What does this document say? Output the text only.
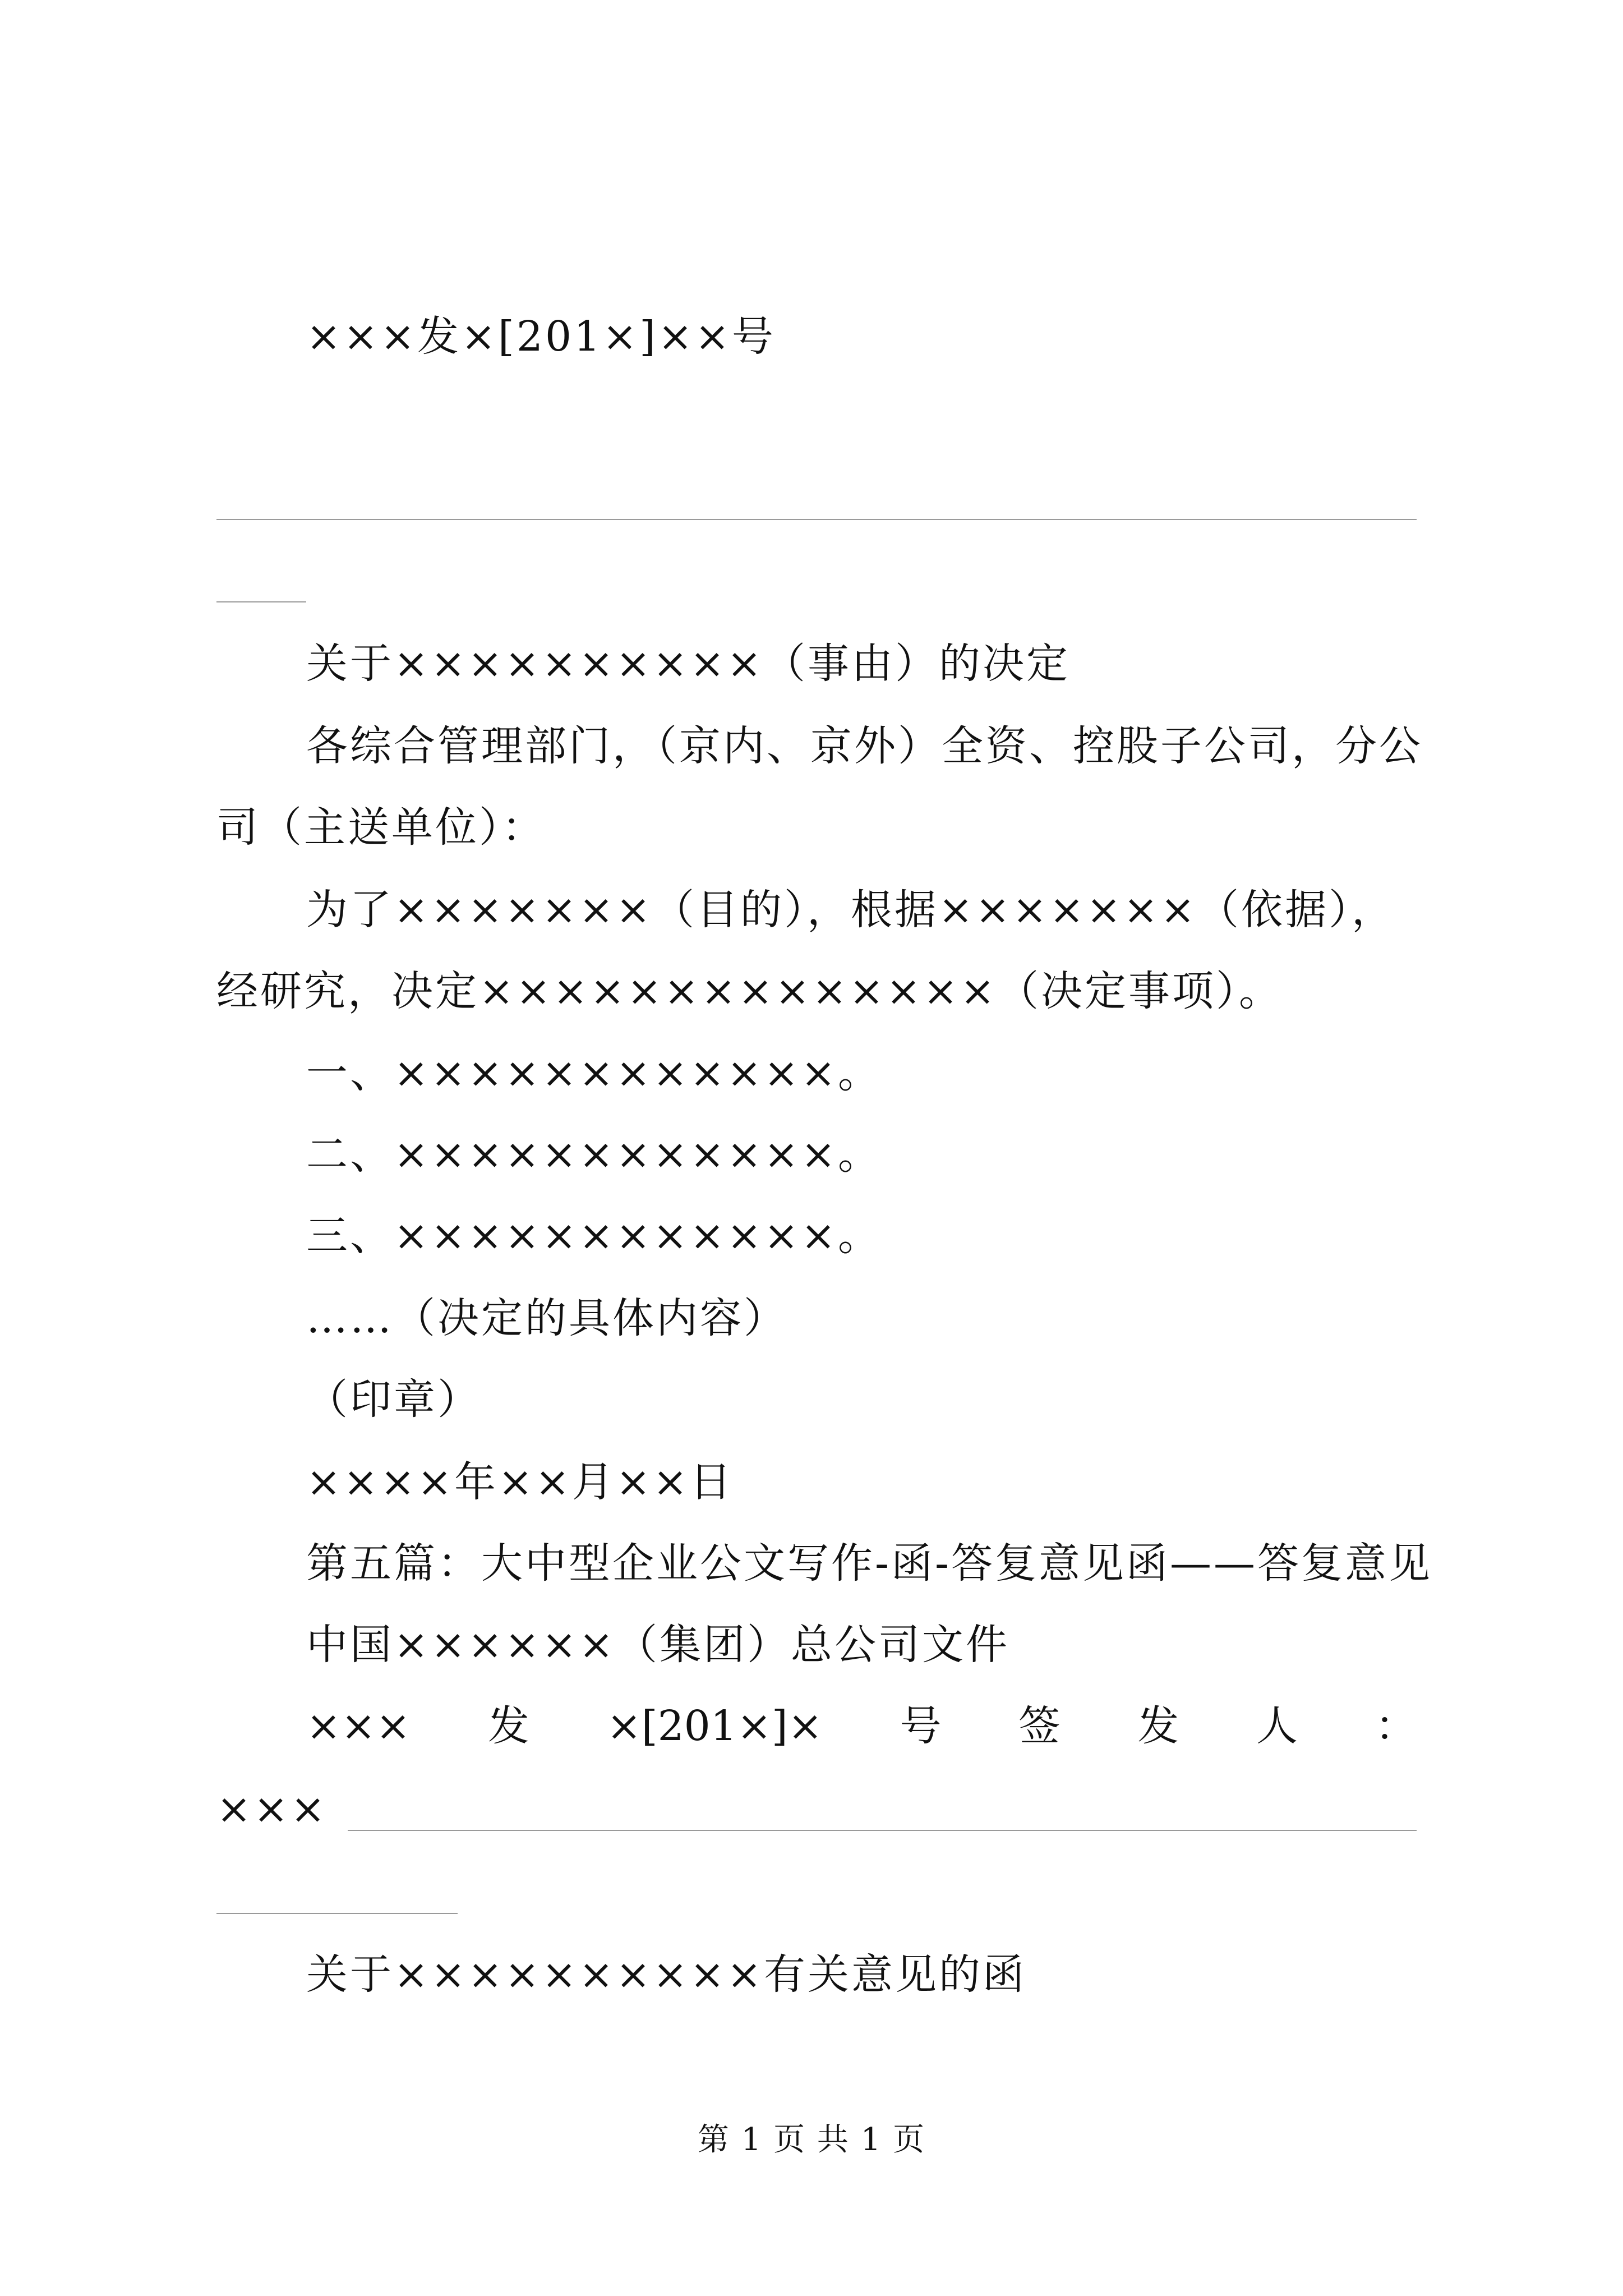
×××发×[201×]××号
关于××××××××××（事由）的决定
各综合管理部门，（京内、京外）全资、控股子公司，分公
司（主送单位）：
为了×××××××（目的），根据×××××××（依据），
经研究，决定××××××××××××××（决定事项）。
一、××××××××××××。
二、××××××××××××。
三、××××××××××××。
……（决定的具体内容）
（印章）
××××年××月××日
第五篇：大中型企业公文写作-函-答复意见函——答复意见
中国××××××（集团）总公司文件
××× 发 ×[201×]× 号 签 发 人 ：
×××
关于××××××××××有关意见的函
第 1 页 共 1 页
